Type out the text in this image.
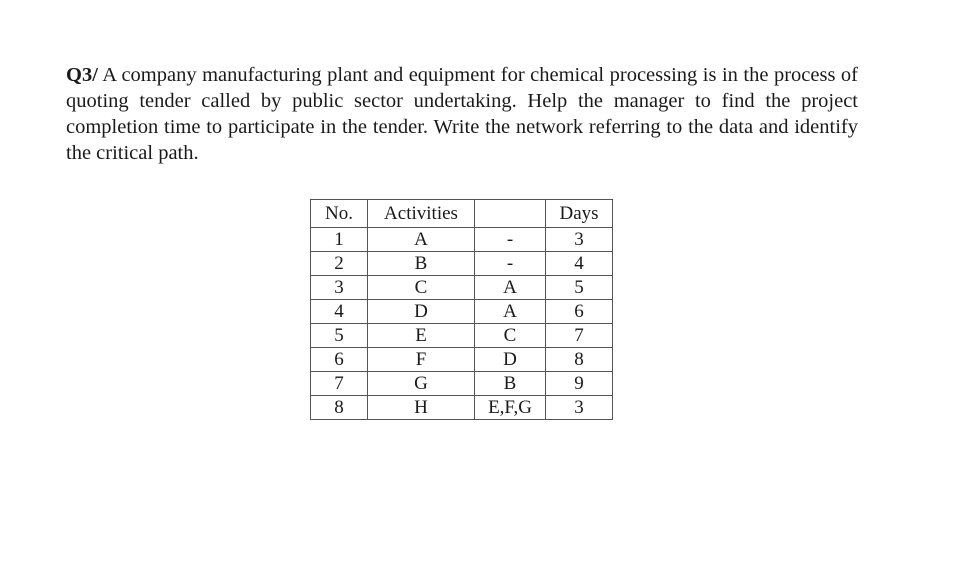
Q3/ A company manufacturing plant and equipment for chemical processing is in the process of quoting tender called by public sector undertaking. Help the manager to find the project completion time to participate in the tender. Write the network referring to the data and identify the critical path.
No.	Activities		Days
1	A	-	3
2	B	-	4
3	C	A	5
4	D	A	6
5	E	C	7
6	F	D	8
7	G	B	9
8	H	E,F,G	3
